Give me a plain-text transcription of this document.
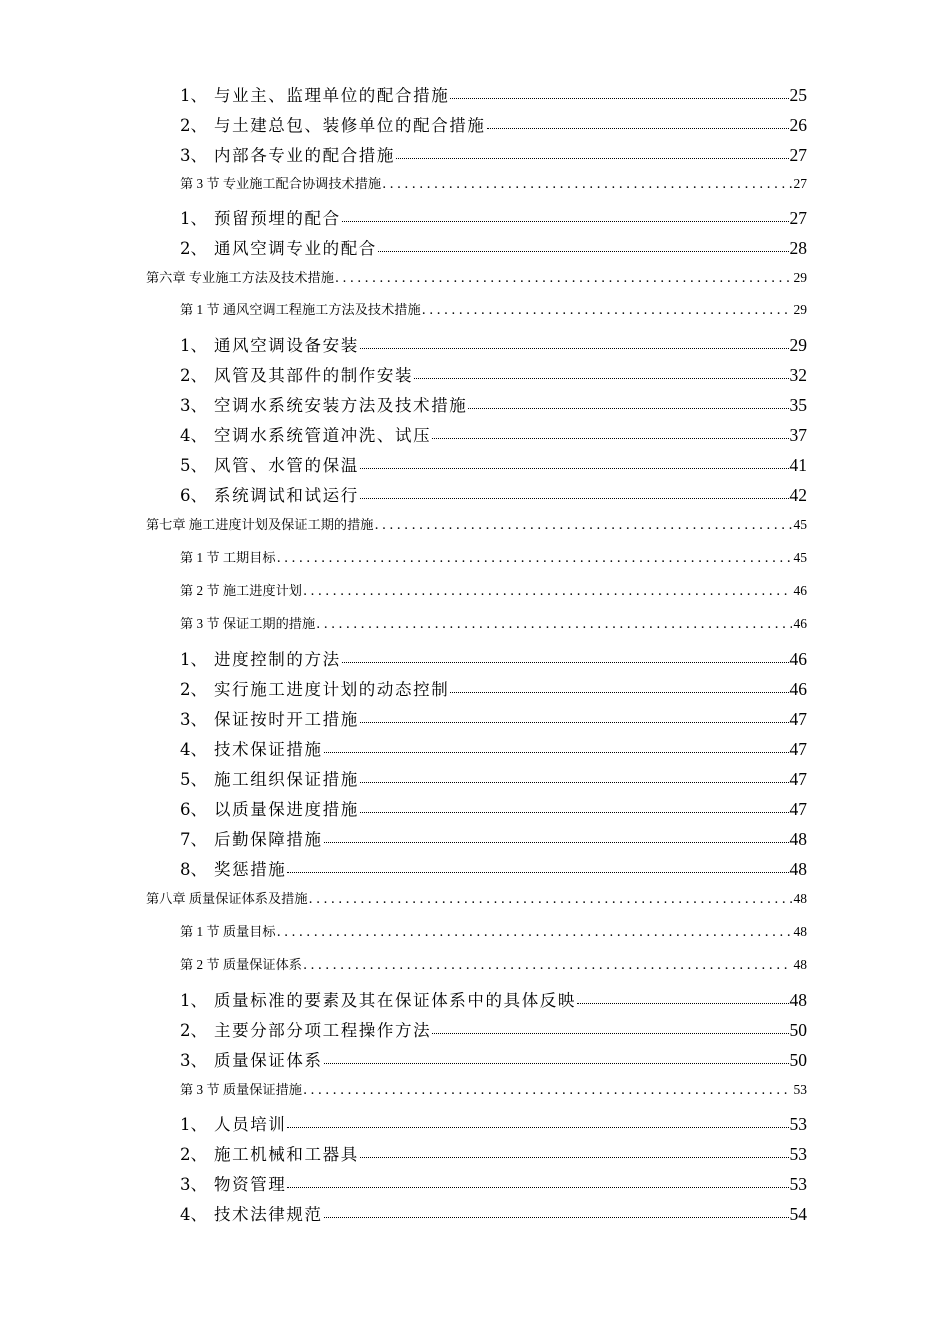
1、 与业主、监理单位的配合措施	25
2、 与土建总包、装修单位的配合措施	26
3、 内部各专业的配合措施	27
第 3 节 专业施工配合协调技术措施 .....	27
1、 预留预埋的配合	27
2、 通风空调专业的配合	28
第六章 专业施工方法及技术措施 .....	29
第 1 节 通风空调工程施工方法及技术措施 .....	29
1、 通风空调设备安装	29
2、 风管及其部件的制作安装	32
3、 空调水系统安装方法及技术措施	35
4、 空调水系统管道冲洗、试压	37
5、 风管、水管的保温	41
6、 系统调试和试运行	42
第七章 施工进度计划及保证工期的措施 .....	45
第 1 节 工期目标 .....	45
第 2 节 施工进度计划 .....	46
第 3 节 保证工期的措施 .....	46
1、 进度控制的方法	46
2、 实行施工进度计划的动态控制	46
3、 保证按时开工措施	47
4、 技术保证措施	47
5、 施工组织保证措施	47
6、 以质量保进度措施	47
7、 后勤保障措施	48
8、 奖惩措施	48
第八章 质量保证体系及措施 .....	48
第 1 节 质量目标 .....	48
第 2 节 质量保证体系 .....	48
1、 质量标准的要素及其在保证体系中的具体反映	48
2、 主要分部分项工程操作方法	50
3、 质量保证体系	50
第 3 节 质量保证措施 .....	53
1、 人员培训	53
2、 施工机械和工器具	53
3、 物资管理	53
4、 技术法律规范	54
